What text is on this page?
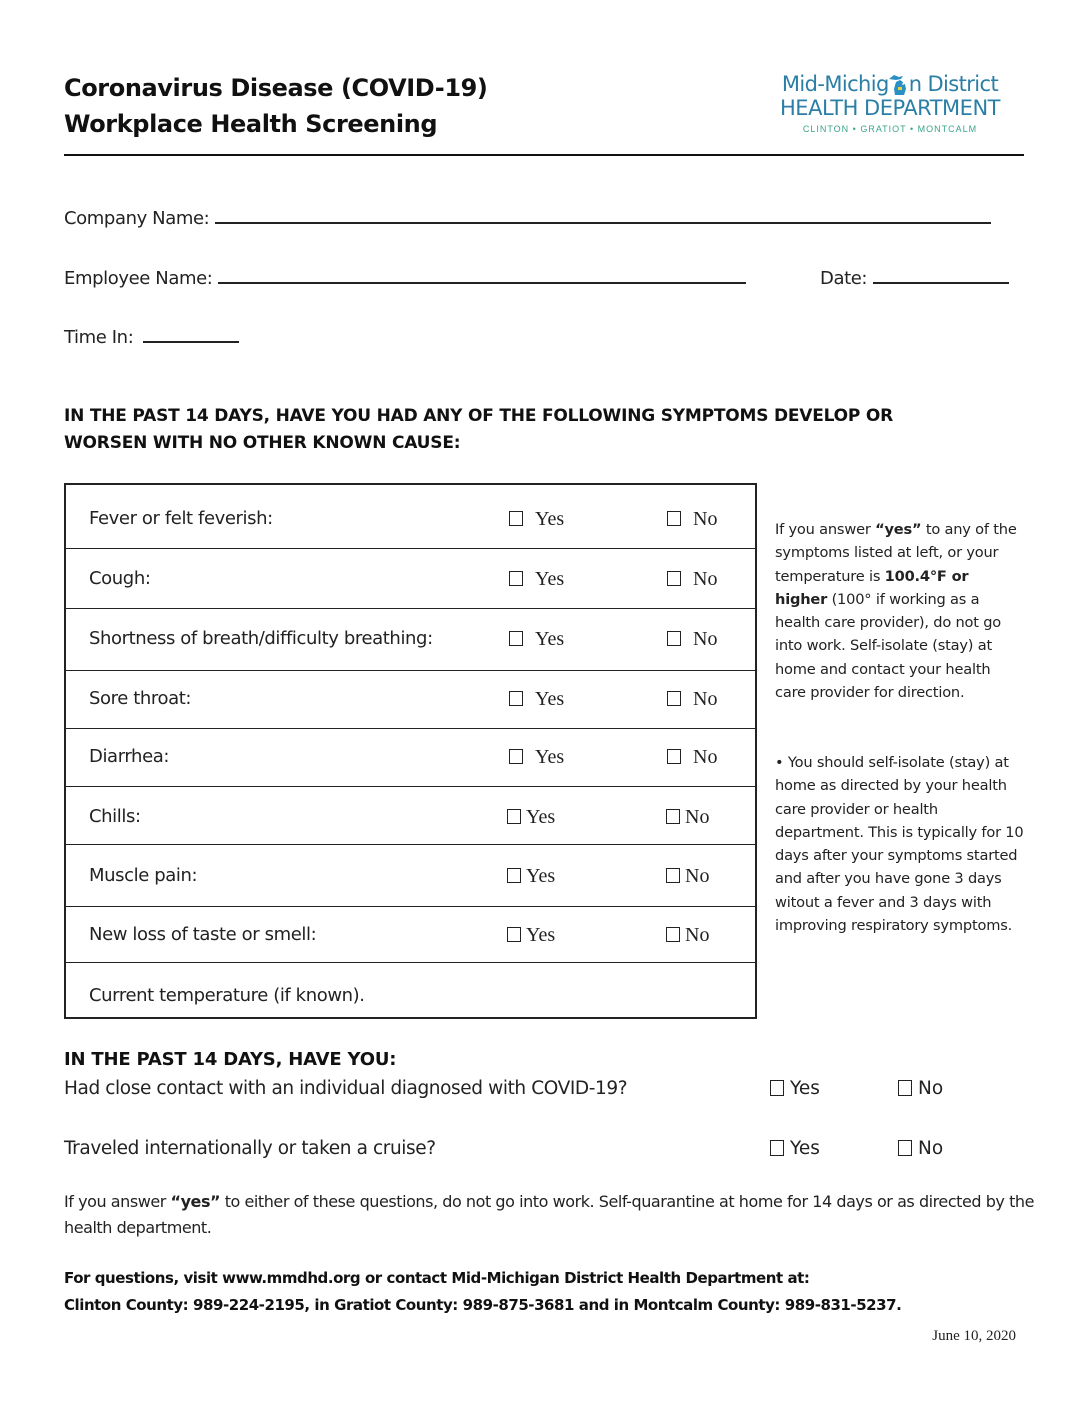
Coronavirus Disease (COVID-19)
Workplace Health Screening
Mid-Michig n District
HEALTH DEPARTMENT
CLINTON • GRATIOT • MONTCALM
Company Name:
Employee Name:	Date:
Time In:
IN THE PAST 14 DAYS, HAVE YOU HAD ANY OF THE FOLLOWING SYMPTOMS DEVELOP OR
WORSEN WITH NO OTHER KNOWN CAUSE:
Fever or felt feverish:	Yes	No
Cough:	Yes	No
Shortness of breath/difficulty breathing:	Yes	No
Sore throat:	Yes	No
Diarrhea:	Yes	No
Chills:	Yes	No
Muscle pain:	Yes	No
New loss of taste or smell:	Yes	No
Current temperature (if known).
If you answer “yes” to any of the symptoms listed at left, or your temperature is 100.4°F or higher (100° if working as a health care provider), do not go into work. Self-isolate (stay) at home and contact your health care provider for direction.
• You should self-isolate (stay) at home as directed by your health care provider or health department. This is typically for 10 days after your symptoms started and after you have gone 3 days witout a fever and 3 days with improving respiratory symptoms.
IN THE PAST 14 DAYS, HAVE YOU:
Had close contact with an individual diagnosed with COVID-19?	Yes	No
Traveled internationally or taken a cruise?	Yes	No
If you answer “yes” to either of these questions, do not go into work. Self-quarantine at home for 14 days or as directed by the health department.
For questions, visit www.mmdhd.org or contact Mid-Michigan District Health Department at:
Clinton County: 989-224-2195, in Gratiot County: 989-875-3681 and in Montcalm County: 989-831-5237.
June 10, 2020
